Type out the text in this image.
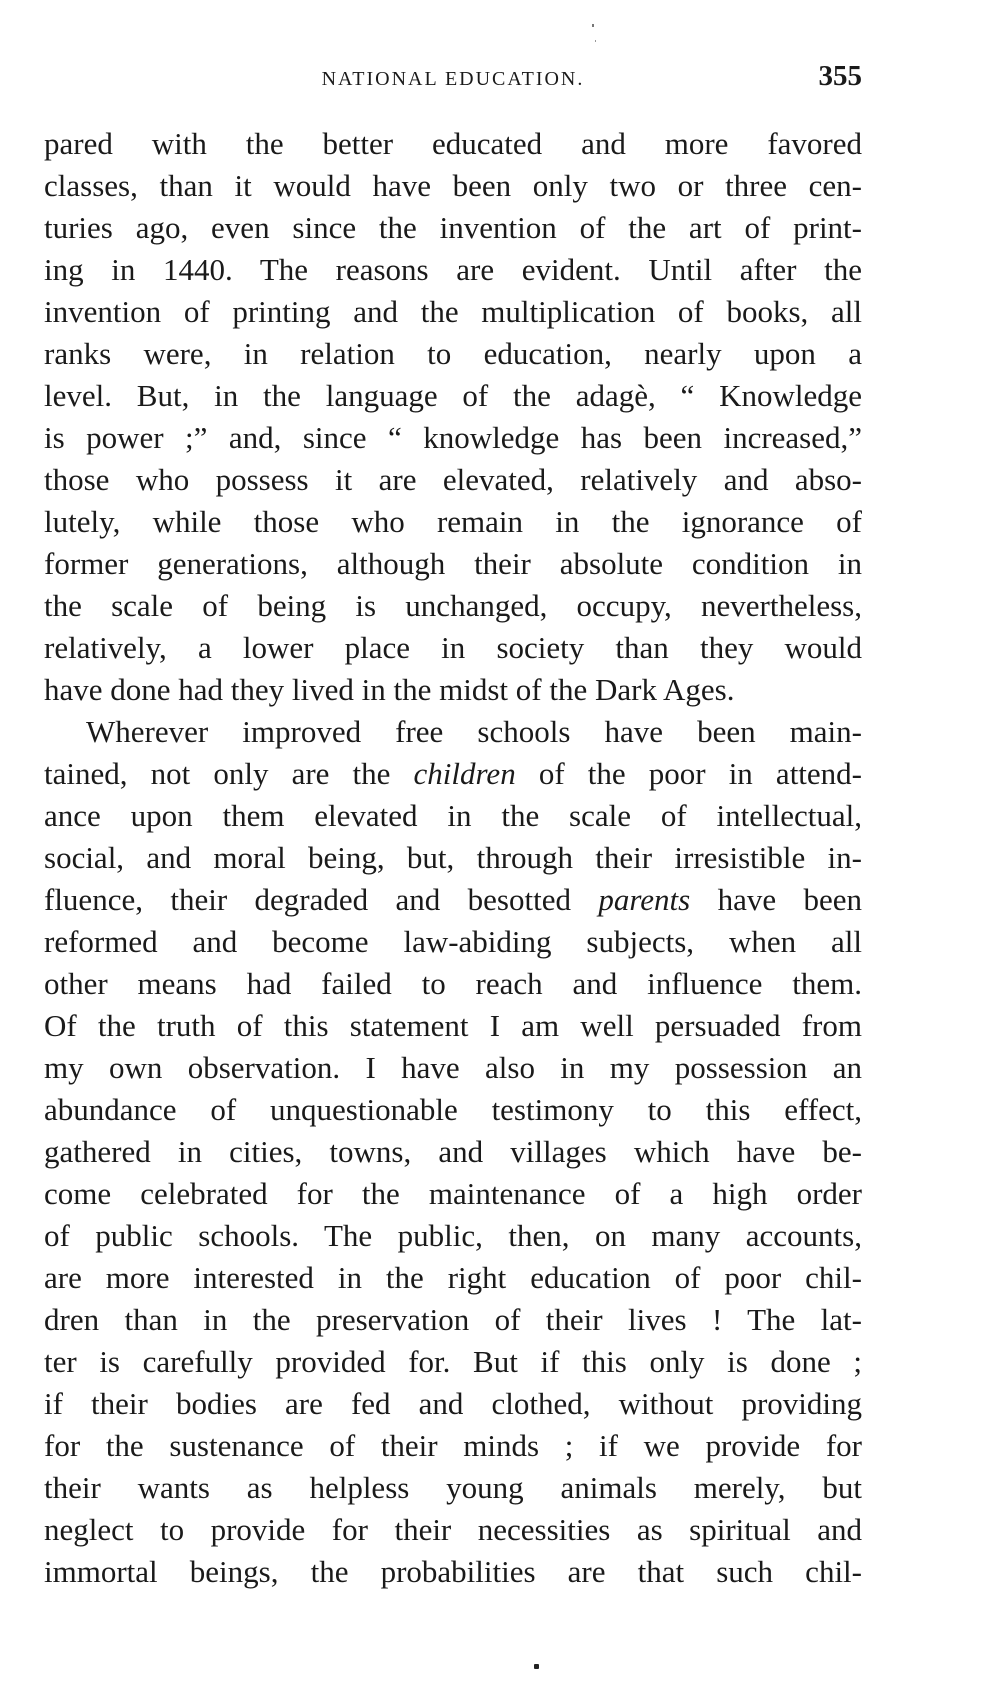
NATIONAL EDUCATION.	355
pared with the better educated and more favored
classes, than it would have been only two or three cen-
turies ago, even since the invention of the art of print-
ing in 1440. The reasons are evident. Until after the
invention of printing and the multiplication of books, all
ranks were, in relation to education, nearly upon a
level. But, in the language of the adagè, “ Knowledge
is power ;” and, since “ knowledge has been increased,”
those who possess it are elevated, relatively and abso-
lutely, while those who remain in the ignorance of
former generations, although their absolute condition in
the scale of being is unchanged, occupy, nevertheless,
relatively, a lower place in society than they would
have done had they lived in the midst of the Dark Ages.
Wherever improved free schools have been main-
tained, not only are the children of the poor in attend-
ance upon them elevated in the scale of intellectual,
social, and moral being, but, through their irresistible in-
fluence, their degraded and besotted parents have been
reformed and become law-abiding subjects, when all
other means had failed to reach and influence them.
Of the truth of this statement I am well persuaded from
my own observation. I have also in my possession an
abundance of unquestionable testimony to this effect,
gathered in cities, towns, and villages which have be-
come celebrated for the maintenance of a high order
of public schools. The public, then, on many accounts,
are more interested in the right education of poor chil-
dren than in the preservation of their lives ! The lat-
ter is carefully provided for. But if this only is done ;
if their bodies are fed and clothed, without providing
for the sustenance of their minds ; if we provide for
their wants as helpless young animals merely, but
neglect to provide for their necessities as spiritual and
immortal beings, the probabilities are that such chil-
